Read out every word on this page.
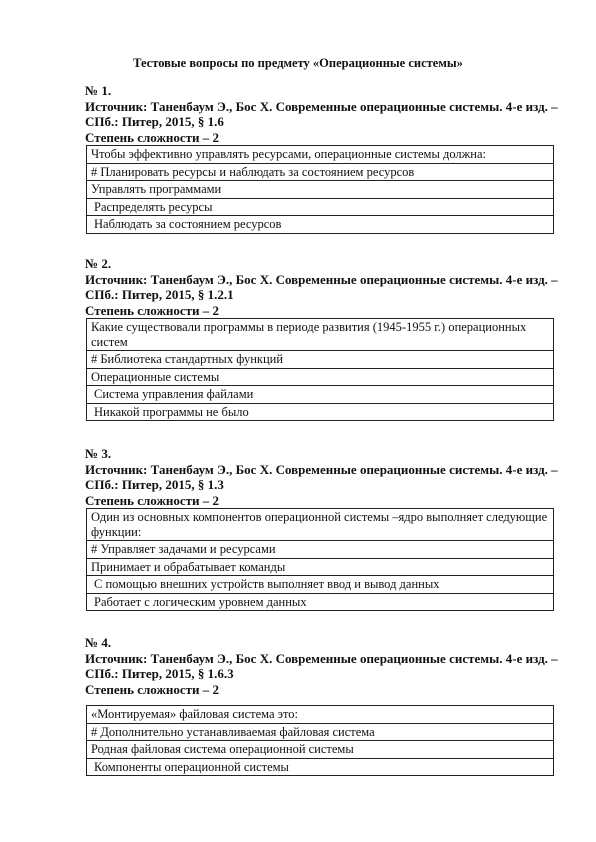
Тестовые вопросы по предмету «Операционные системы»
№ 1.
Источник: Таненбаум Э., Бос Х. Современные операционные системы. 4-е изд. – СПб.: Питер, 2015, § 1.6
Степень сложности – 2
Чтобы эффективно управлять ресурсами, операционные системы должна:
# Планировать ресурсы и наблюдать за состоянием ресурсов
Управлять программами
Распределять ресурсы
Наблюдать за состоянием ресурсов
№ 2.
Источник: Таненбаум Э., Бос Х. Современные операционные системы. 4-е изд. – СПб.: Питер, 2015, § 1.2.1
Степень сложности – 2
Какие существовали программы в периоде развития (1945-1955 г.) операционных систем
# Библиотека стандартных функций
Операционные системы
Система управления файлами
Никакой программы не было
№ 3.
Источник: Таненбаум Э., Бос Х. Современные операционные системы. 4-е изд. – СПб.: Питер, 2015, § 1.3
Степень сложности – 2
Один из основных компонентов операционной системы –ядро выполняет следующие функции:
# Управляет задачами и ресурсами
Принимает и обрабатывает команды
С помощью внешних устройств выполняет ввод и вывод данных
Работает с логическим уровнем данных
№ 4.
Источник: Таненбаум Э., Бос Х. Современные операционные системы. 4-е изд. – СПб.: Питер, 2015, § 1.6.3
Степень сложности – 2
«Монтируемая» файловая система это:
# Дополнительно устанавливаемая файловая система
Родная файловая система операционной системы
Компоненты операционной системы
